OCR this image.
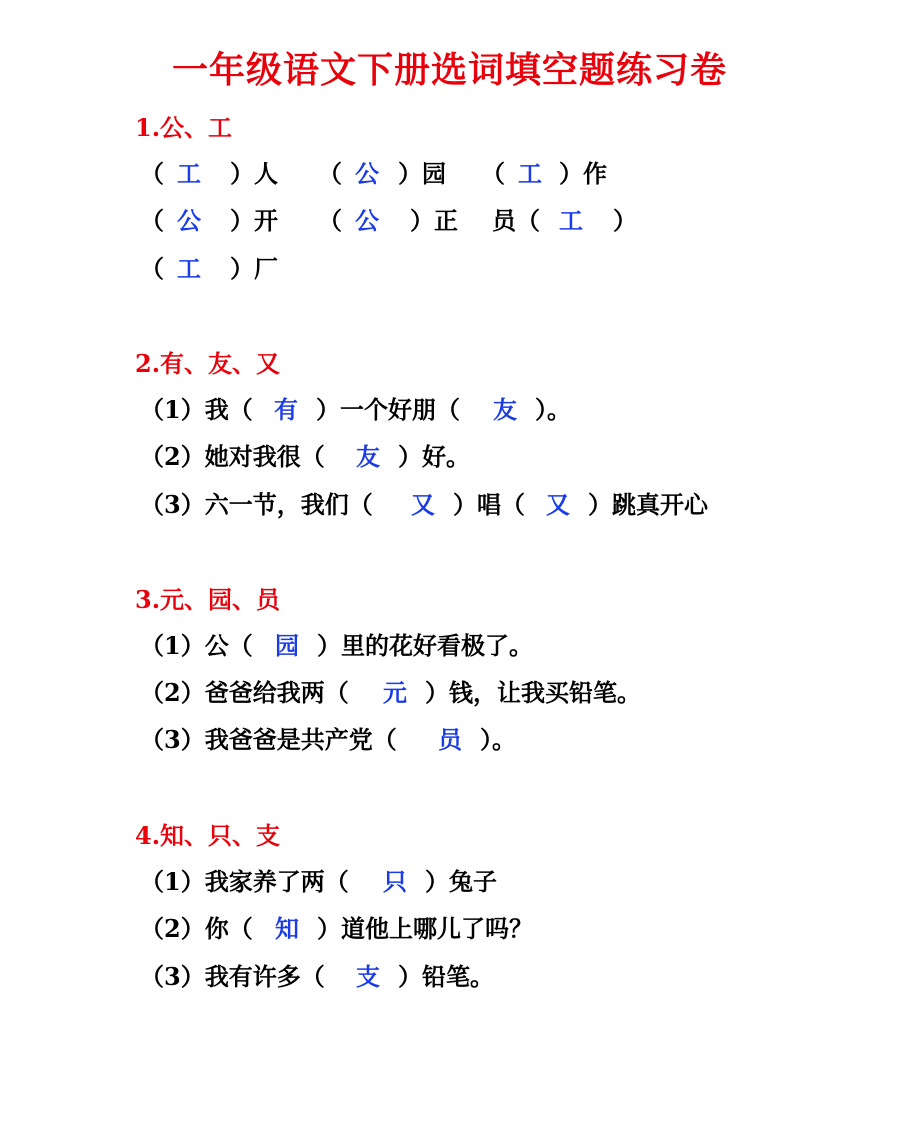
一年级语文下册选词填空题练习卷
1.公、工
（ 工	）人 （ 公 ）园 （ 工 ）作
（ 公	）开 （ 公	）正 员（ 工	）
（ 工	）厂
2.有、友、又
（1）我（ 有 ）一个好朋（	友 ）。
（2）她对我很（	友 ）好。
（3）六一节，我们（	又 ）唱（ 又 ）跳真开心
3.元、园、员
（1）公（ 园 ）里的花好看极了。
（2）爸爸给我两（	元 ）钱，让我买铅笔。
（3）我爸爸是共产党（	员 ）。
4.知、只、支
（1）我家养了两（	只 ）兔子
（2）你（ 知 ）道他上哪儿了吗？
（3）我有许多（	支 ）铅笔。
